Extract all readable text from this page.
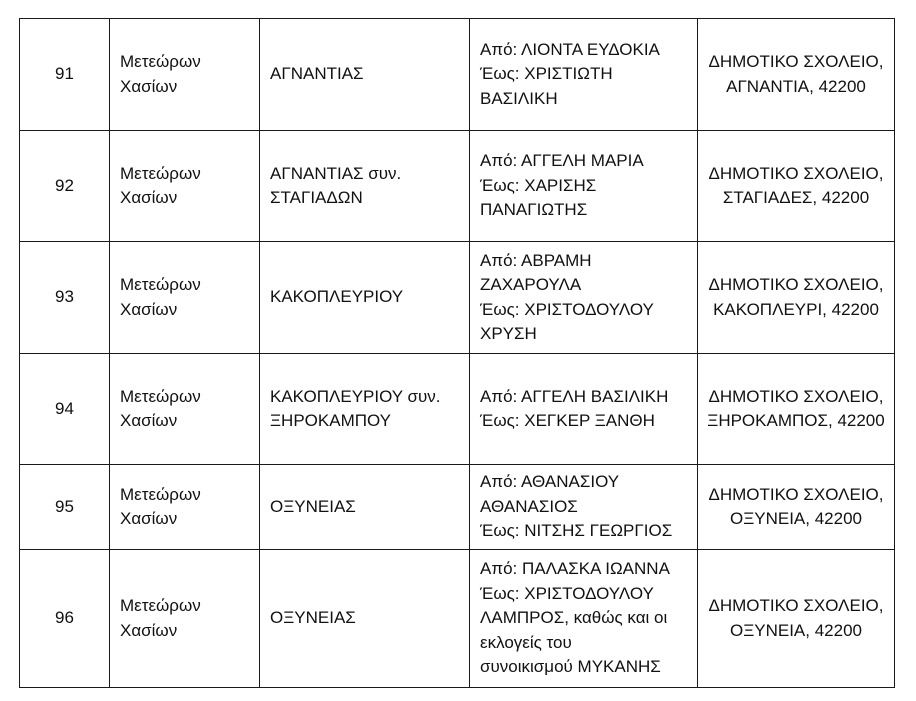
91	Μετεώρων
Χασίων	ΑΓΝΑΝΤΙΑΣ	Από: ΛΙΟΝΤΑ ΕΥΔΟΚΙΑ
Έως: ΧΡΙΣΤΙΩΤΗ
ΒΑΣΙΛΙΚΗ	ΔΗΜΟΤΙΚΟ ΣΧΟΛΕΙΟ,
ΑΓΝΑΝΤΙΑ, 42200

92	Μετεώρων
Χασίων	ΑΓΝΑΝΤΙΑΣ συν.
ΣΤΑΓΙΑΔΩΝ	Από: ΑΓΓΕΛΗ ΜΑΡΙΑ
Έως: ΧΑΡΙΣΗΣ
ΠΑΝΑΓΙΩΤΗΣ	ΔΗΜΟΤΙΚΟ ΣΧΟΛΕΙΟ,
ΣΤΑΓΙΑΔΕΣ, 42200

93	Μετεώρων
Χασίων	ΚΑΚΟΠΛΕΥΡΙΟΥ	Από: ΑΒΡΑΜΗ
ΖΑΧΑΡΟΥΛΑ
Έως: ΧΡΙΣΤΟΔΟΥΛΟΥ
ΧΡΥΣΗ	ΔΗΜΟΤΙΚΟ ΣΧΟΛΕΙΟ,
ΚΑΚΟΠΛΕΥΡΙ, 42200

94	Μετεώρων
Χασίων	ΚΑΚΟΠΛΕΥΡΙΟΥ συν.
ΞΗΡΟΚΑΜΠΟΥ	Από: ΑΓΓΕΛΗ ΒΑΣΙΛΙΚΗ
Έως: ΧΕΓΚΕΡ ΞΑΝΘΗ	ΔΗΜΟΤΙΚΟ ΣΧΟΛΕΙΟ,
ΞΗΡΟΚΑΜΠΟΣ, 42200

95	Μετεώρων
Χασίων	ΟΞΥΝΕΙΑΣ	Από: ΑΘΑΝΑΣΙΟΥ
ΑΘΑΝΑΣΙΟΣ
Έως: ΝΙΤΣΗΣ ΓΕΩΡΓΙΟΣ	ΔΗΜΟΤΙΚΟ ΣΧΟΛΕΙΟ,
ΟΞΥΝΕΙΑ, 42200

96	Μετεώρων
Χασίων	ΟΞΥΝΕΙΑΣ	Από: ΠΑΛΑΣΚΑ ΙΩΑΝΝΑ
Έως: ΧΡΙΣΤΟΔΟΥΛΟΥ
ΛΑΜΠΡΟΣ, καθώς και οι
εκλογείς του
συνοικισμού ΜΥΚΑΝΗΣ	ΔΗΜΟΤΙΚΟ ΣΧΟΛΕΙΟ,
ΟΞΥΝΕΙΑ, 42200
